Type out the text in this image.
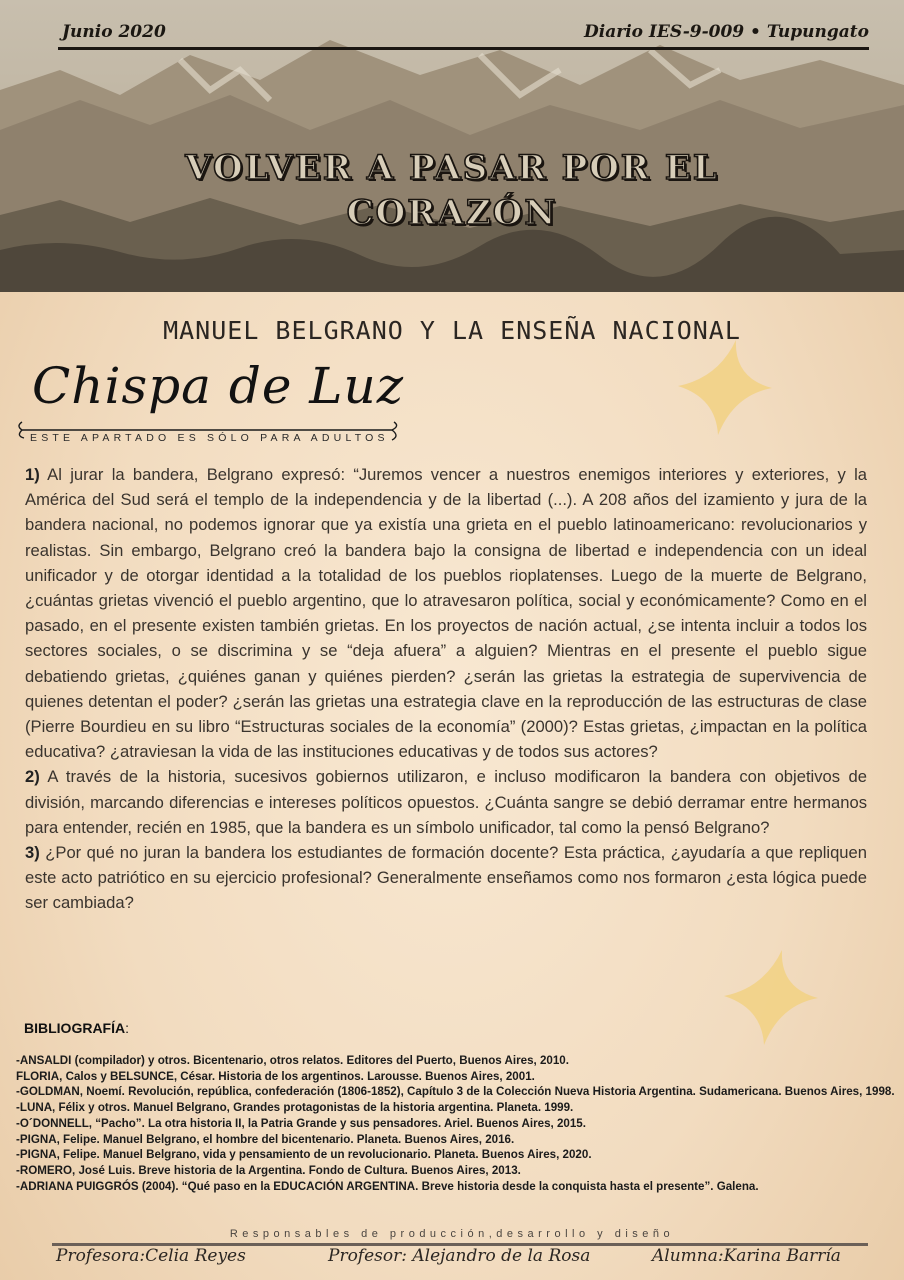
Junio 2020	Diario IES-9-009 • Tupungato
VOLVER A PASAR POR EL
CORAZÓN
MANUEL BELGRANO Y LA ENSEÑA NACIONAL
Chispa de Luz
ESTE APARTADO ES SÓLO PARA ADULTOS

1) Al jurar la bandera, Belgrano expresó: “Juremos vencer a nuestros enemigos interiores y exteriores, y la América del Sud será el templo de la independencia y de la libertad (...). A 208 años del izamiento y jura de la bandera nacional, no podemos ignorar que ya existía una grieta en el pueblo latinoamericano: revolucionarios y realistas. Sin embargo, Belgrano creó la bandera bajo la consigna de libertad e independencia con un ideal unificador y de otorgar identidad a la totalidad de los pueblos rioplatenses. Luego de la muerte de Belgrano, ¿cuántas grietas vivenció el pueblo argentino, que lo atravesaron política, social y económicamente? Como en el pasado, en el presente existen también grietas. En los proyectos de nación actual, ¿se intenta incluir a todos los sectores sociales, o se discrimina y se “deja afuera” a alguien? Mientras en el presente el pueblo sigue debatiendo grietas, ¿quiénes ganan y quiénes pierden? ¿serán las grietas la estrategia de supervivencia de quienes detentan el poder? ¿serán las grietas una estrategia clave en la reproducción de las estructuras de clase (Pierre Bourdieu en su libro “Estructuras sociales de la economía” (2000)? Estas grietas, ¿impactan en la política educativa? ¿atraviesan la vida de las instituciones educativas y de todos sus actores?

2) A través de la historia, sucesivos gobiernos utilizaron, e incluso modificaron la bandera con objetivos de división, marcando diferencias e intereses políticos opuestos. ¿Cuánta sangre se debió derramar entre hermanos para entender, recién en 1985, que la bandera es un símbolo unificador, tal como la pensó Belgrano?

3) ¿Por qué no juran la bandera los estudiantes de formación docente? Esta práctica, ¿ayudaría a que repliquen este acto patriótico en su ejercicio profesional? Generalmente enseñamos como nos formaron ¿esta lógica puede ser cambiada?

BIBLIOGRAFÍA:
-ANSALDI (compilador) y otros. Bicentenario, otros relatos. Editores del Puerto, Buenos Aires, 2010.
FLORIA, Calos y BELSUNCE, César. Historia de los argentinos. Larousse. Buenos Aires, 2001.
-GOLDMAN, Noemí. Revolución, república, confederación (1806-1852), Capítulo 3 de la Colección Nueva Historia Argentina. Sudamericana. Buenos Aires, 1998.
-LUNA, Félix y otros. Manuel Belgrano, Grandes protagonistas de la historia argentina. Planeta. 1999.
-O´DONNELL, “Pacho”. La otra historia II, la Patria Grande y sus pensadores. Ariel. Buenos Aires, 2015.
-PIGNA, Felipe. Manuel Belgrano, el hombre del bicentenario. Planeta. Buenos Aires, 2016.
-PIGNA, Felipe. Manuel Belgrano, vida y pensamiento de un revolucionario. Planeta. Buenos Aires, 2020.
-ROMERO, José Luis. Breve historia de la Argentina. Fondo de Cultura. Buenos Aires, 2013.
-ADRIANA PUIGGRÓS (2004). “Qué paso en la EDUCACIÓN ARGENTINA. Breve historia desde la conquista hasta el presente”. Galena.
Responsables de producción,desarrollo y diseño
Profesora:Celia Reyes	Profesor: Alejandro de la Rosa	Alumna:Karina Barría
